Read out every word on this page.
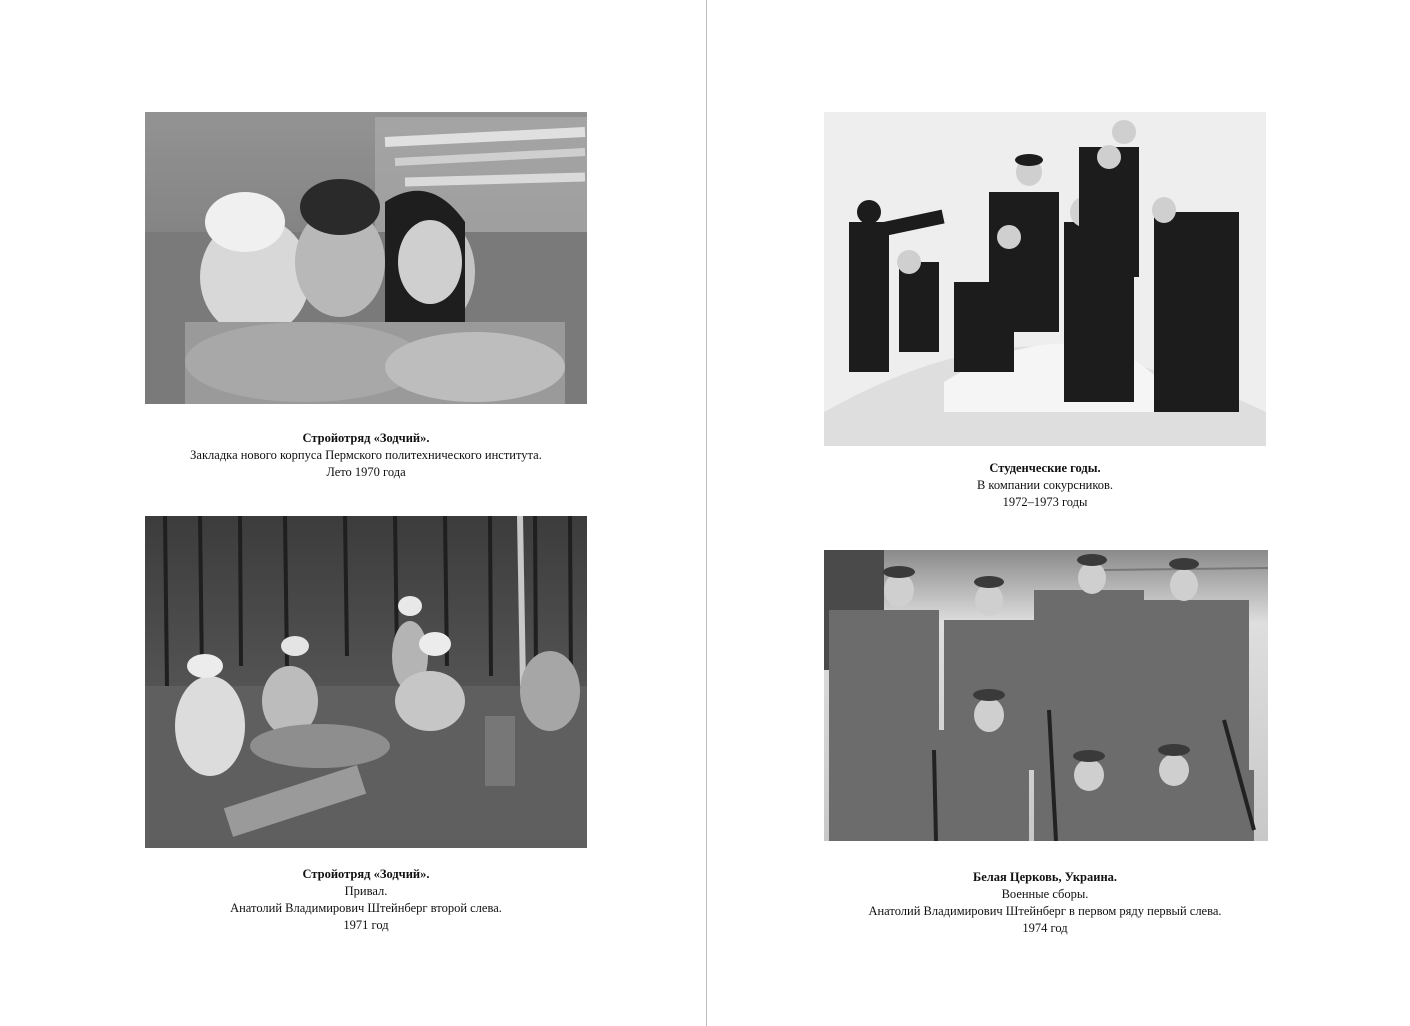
Стройотряд «Зодчий».
Закладка нового корпуса Пермского политехнического института.
Лето 1970 года
Стройотряд «Зодчий».
Привал.
Анатолий Владимирович Штейнберг второй слева.
1971 год
Студенческие годы.
В компании сокурсников.
1972–1973 годы
Белая Церковь, Украина.
Военные сборы.
Анатолий Владимирович Штейнберг в первом ряду первый слева.
1974 год
